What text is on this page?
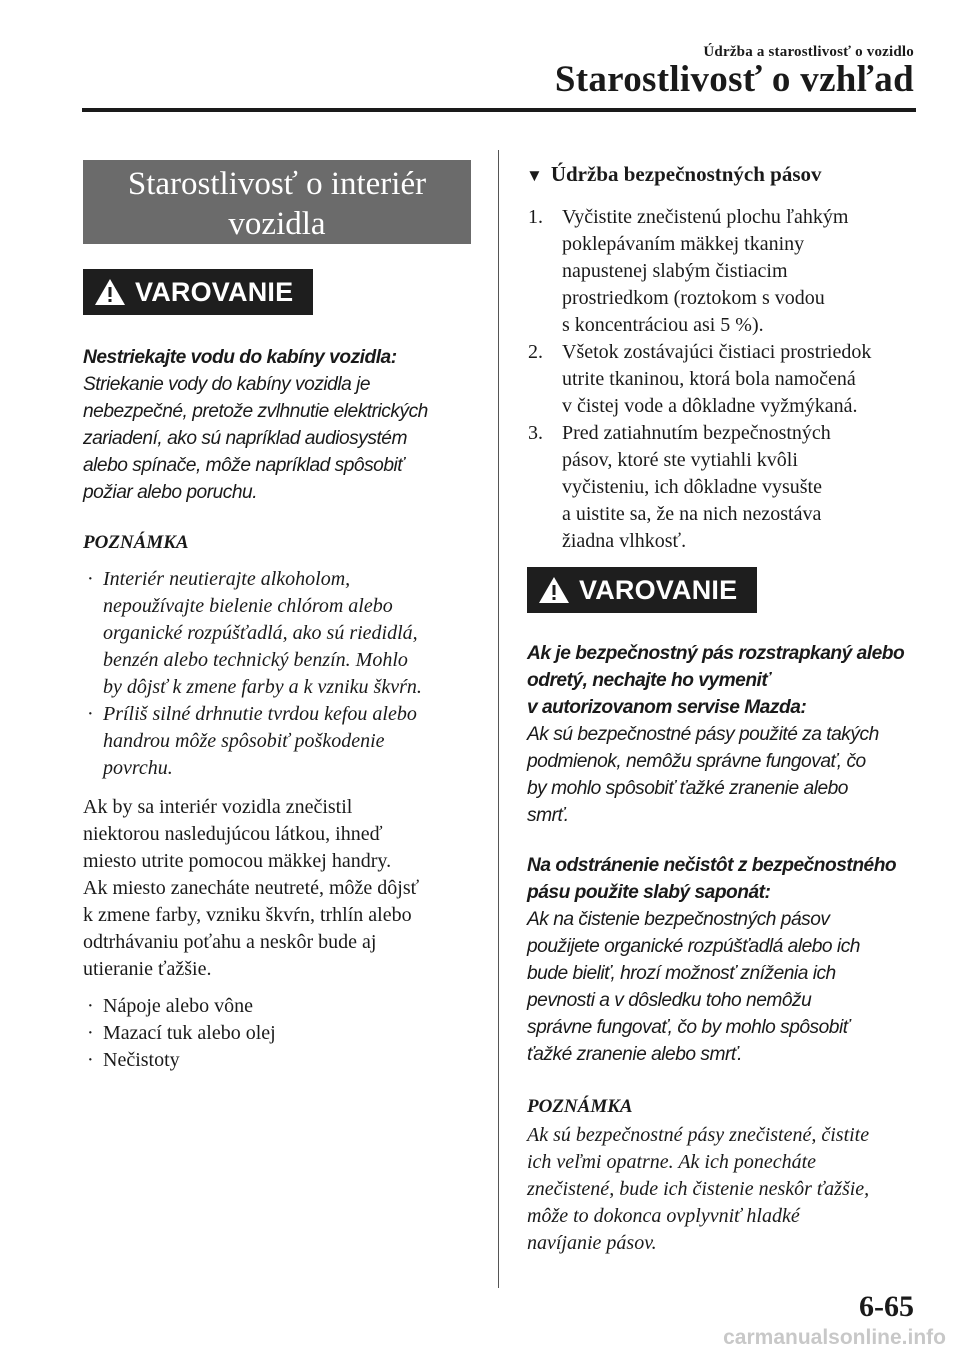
Údržba a starostlivosť o vozidlo
Starostlivosť o vzhľad
Starostlivosť o interiér
vozidla
VAROVANIE
Nestriekajte vodu do kabíny vozidla:
Striekanie vody do kabíny vozidla je
nebezpečné, pretože zvlhnutie elektrických
zariadení, ako sú napríklad audiosystém
alebo spínače, môže napríklad spôsobiť
požiar alebo poruchu.
POZNÁMKA
· Interiér neutierajte alkoholom,
nepoužívajte bielenie chlórom alebo
organické rozpúšťadlá, ako sú riedidlá,
benzén alebo technický benzín. Mohlo
by dôjsť k zmene farby a k vzniku škvŕn.
· Príliš silné drhnutie tvrdou kefou alebo
handrou môže spôsobiť poškodenie
povrchu.
Ak by sa interiér vozidla znečistil
niektorou nasledujúcou látkou, ihneď
miesto utrite pomocou mäkkej handry.
Ak miesto zanecháte neutreté, môže dôjsť
k zmene farby, vzniku škvŕn, trhlín alebo
odtrhávaniu poťahu a neskôr bude aj
utieranie ťažšie.
· Nápoje alebo vône
· Mazací tuk alebo olej
· Nečistoty
▼ Údržba bezpečnostných pásov
1. Vyčistite znečistenú plochu ľahkým
poklepávaním mäkkej tkaniny
napustenej slabým čistiacim
prostriedkom (roztokom s vodou
s koncentráciou asi 5 %).
2. Všetok zostávajúci čistiaci prostriedok
utrite tkaninou, ktorá bola namočená
v čistej vode a dôkladne vyžmýkaná.
3. Pred zatiahnutím bezpečnostných
pásov, ktoré ste vytiahli kvôli
vyčisteniu, ich dôkladne vysušte
a uistite sa, že na nich nezostáva
žiadna vlhkosť.
VAROVANIE
Ak je bezpečnostný pás rozstrapkaný alebo
odretý, nechajte ho vymeniť
v autorizovanom servise Mazda:
Ak sú bezpečnostné pásy použité za takých
podmienok, nemôžu správne fungovať, čo
by mohlo spôsobiť ťažké zranenie alebo
smrť.
Na odstránenie nečistôt z bezpečnostného
pásu použite slabý saponát:
Ak na čistenie bezpečnostných pásov
použijete organické rozpúšťadlá alebo ich
bude bieliť, hrozí možnosť zníženia ich
pevnosti a v dôsledku toho nemôžu
správne fungovať, čo by mohlo spôsobiť
ťažké zranenie alebo smrť.
POZNÁMKA
Ak sú bezpečnostné pásy znečistené, čistite
ich veľmi opatrne. Ak ich ponecháte
znečistené, bude ich čistenie neskôr ťažšie,
môže to dokonca ovplyvniť hladké
navíjanie pásov.
6-65
carmanualsonline.info
